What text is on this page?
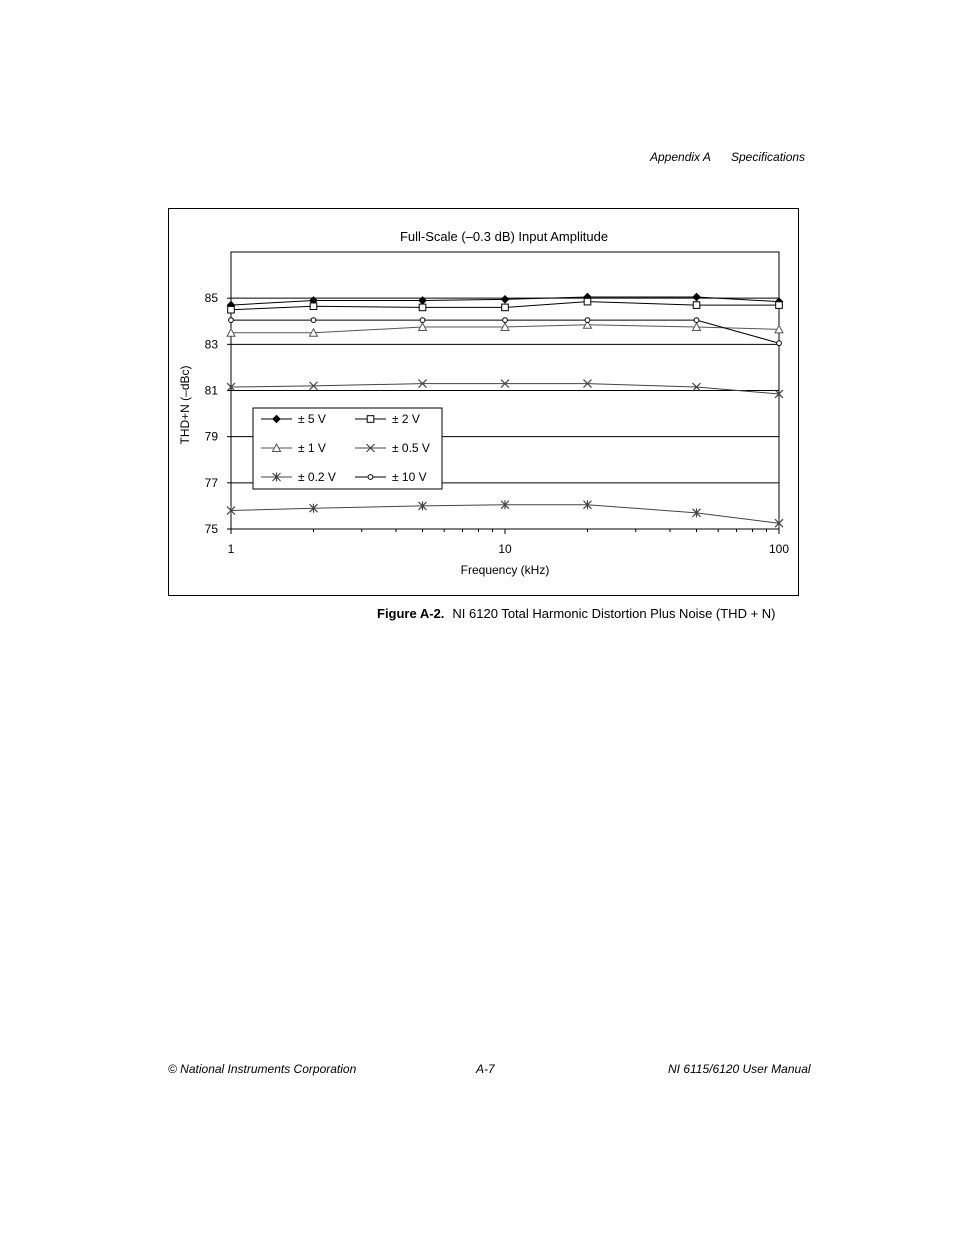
Appendix A Specifications
75
77
79
81
83
85
1	10	100
Full-Scale (–0.3 dB) Input Amplitude
Frequency (kHz)
THD+N (–dBc)	± 5 V	± 2 V
± 1 V	± 0.5 V
± 0.2 V	± 10 V
Figure A-2. NI 6120 Total Harmonic Distortion Plus Noise (THD + N)
© National Instruments Corporation	A-7	NI 6115/6120 User Manual
